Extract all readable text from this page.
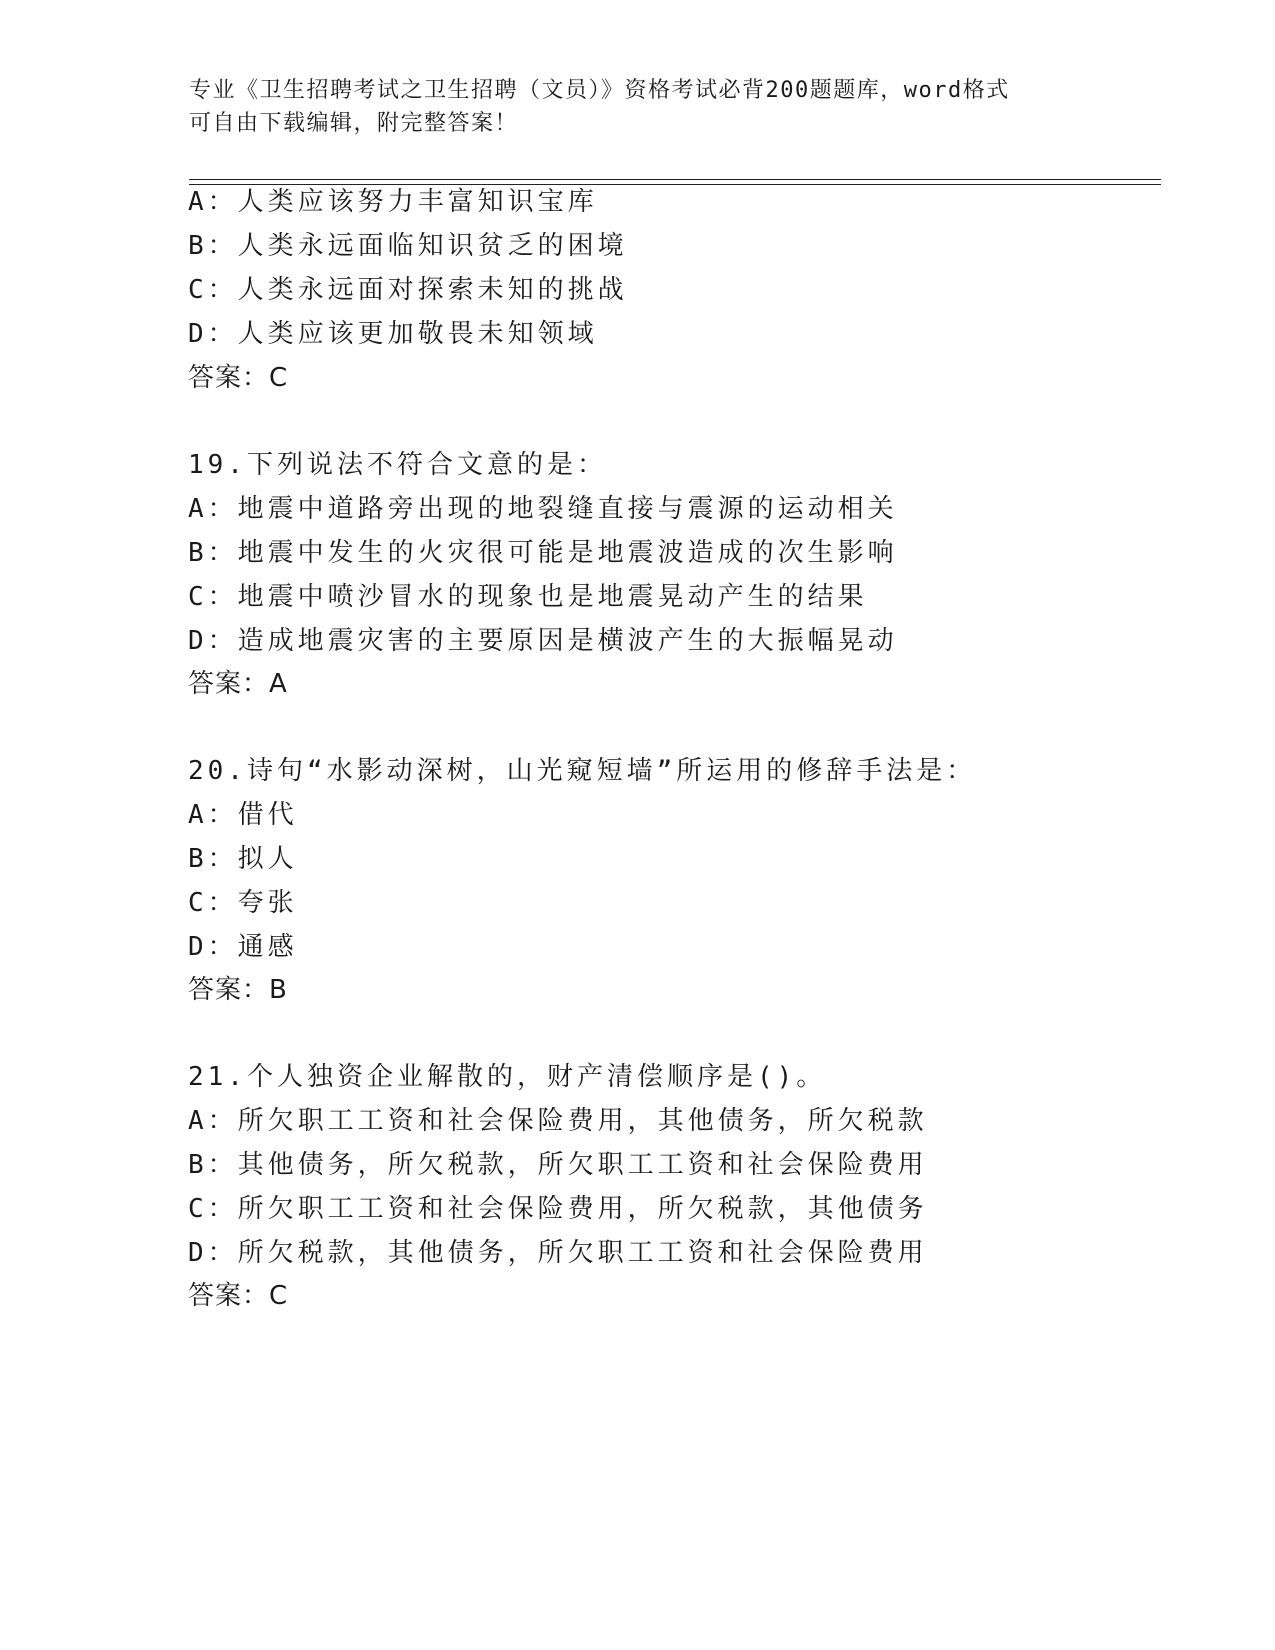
专业《卫生招聘考试之卫生招聘（文员）》资格考试必背200题题库，word格式
可自由下载编辑，附完整答案！
A：人类应该努力丰富知识宝库
B：人类永远面临知识贫乏的困境
C：人类永远面对探索未知的挑战
D：人类应该更加敬畏未知领域
答案：C
19.下列说法不符合文意的是：
A：地震中道路旁出现的地裂缝直接与震源的运动相关
B：地震中发生的火灾很可能是地震波造成的次生影响
C：地震中喷沙冒水的现象也是地震晃动产生的结果
D：造成地震灾害的主要原因是横波产生的大振幅晃动
答案：A
20.诗句“水影动深树，山光窥短墙”所运用的修辞手法是：
A：借代
B：拟人
C：夸张
D：通感
答案：B
21.个人独资企业解散的，财产清偿顺序是()。
A：所欠职工工资和社会保险费用，其他债务，所欠税款
B：其他债务，所欠税款，所欠职工工资和社会保险费用
C：所欠职工工资和社会保险费用，所欠税款，其他债务
D：所欠税款，其他债务，所欠职工工资和社会保险费用
答案：C
